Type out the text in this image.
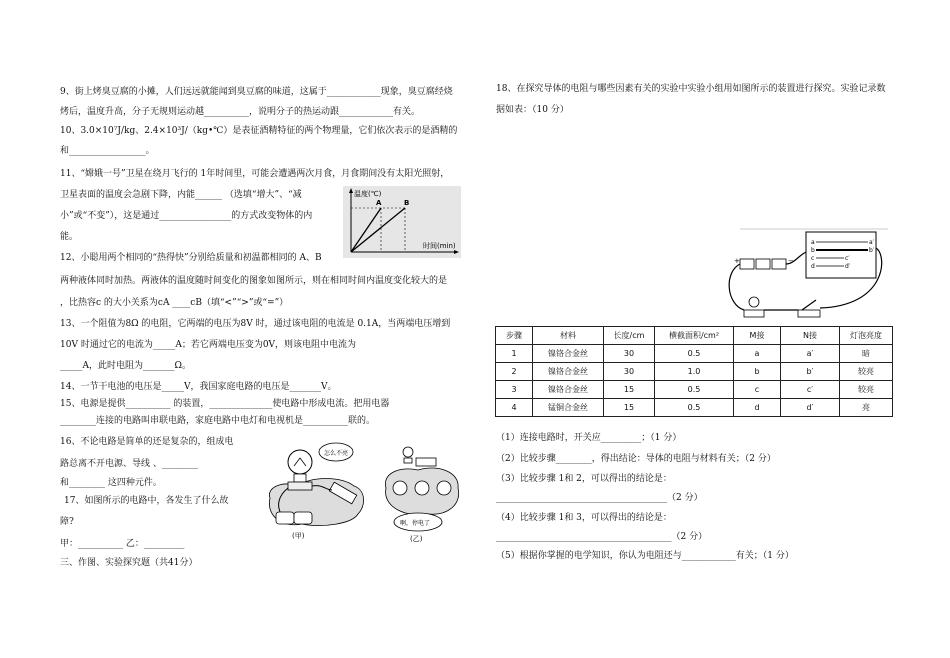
9、街上烤臭豆腐的小摊，人们远远就能闻到臭豆腐的味道，这属于____________现象，臭豆腐经烧
烤后，温度升高，分子无规则运动越__________，说明分子的热运动跟____________有关。
10、3.0×10⁷J/kg、2.4×10³J/（kg•℃）是表征酒精特征的两个物理量，它们依次表示的是酒精的
和_________________。
11、“嫦娥一号”卫星在绕月飞行的 1年时间里，可能会遭遇两次月食，月食期间没有太阳光照射，
卫星表面的温度会急剧下降，内能______ （选填“增大”、“减
小”或“不变”），这是通过________________的方式改变物体的内
能。
温度(℃)
时间(min)
A	B
12、小聪用两个相同的“热得快”分别给质量和初温都相同的 A、B
两种液体同时加热。两液体的温度随时间变化的图象如图所示，则在相同时间内温度变化较大的是
，比热容c 的大小关系为cA ____cB（填“<”“>”或“=”）
13、一个阻值为8Ω 的电阻，它两端的电压为8V 时，通过该电阻的电流是 0.1A，当两端电压增到
10V 时通过它的电流为_____A；若它两端电压变为0V，则该电阻中电流为
_____A，此时电阻为_______Ω。
14、一节干电池的电压是_____V，我国家庭电路的电压是_______V。
15、电源是提供__________ 的装置，______________使电路中形成电流。把用电器
________连接的电路叫串联电路，家庭电路中电灯和电视机是__________联的。
16、不论电路是简单的还是复杂的，组成电
路总离不开电源、导线 、________
和________ 这四种元件。
17、如图所示的电路中，各发生了什么故
障?
甲：__________ 乙：_________
三、作图、实验探究题（共41分）
怎么不亮
(甲)
啊，停电了
(乙)
18、在探究导体的电阻与哪些因素有关的实验中实验小组用如图所示的装置进行探究。实验记录数
据如表：（10 分）
+	−
a
b
c
d
a′
b′
c′
d′
步骤	材料	长度/cm	横截面积/cm²	M接	N接	灯泡亮度
1	镍铬合金丝	30	0.5	a	a′	暗
2	镍铬合金丝	30	1.0	b	b′	较亮
3	镍铬合金丝	15	0.5	c	c′	较亮
4	锰铜合金丝	15	0.5	d	d′	亮
（1）连接电路时，开关应_________；（1 分）
（2）比较步骤________，得出结论：导体的电阻与材料有关；（2 分）
（3）比较步骤 1和 2，可以得出的结论是：
______________________________________（2 分）
（4）比较步骤 1和 3，可以得出的结论是：
_______________________________________（2 分）
（5）根据你掌握的电学知识，你认为电阻还与____________有关；（1 分）
